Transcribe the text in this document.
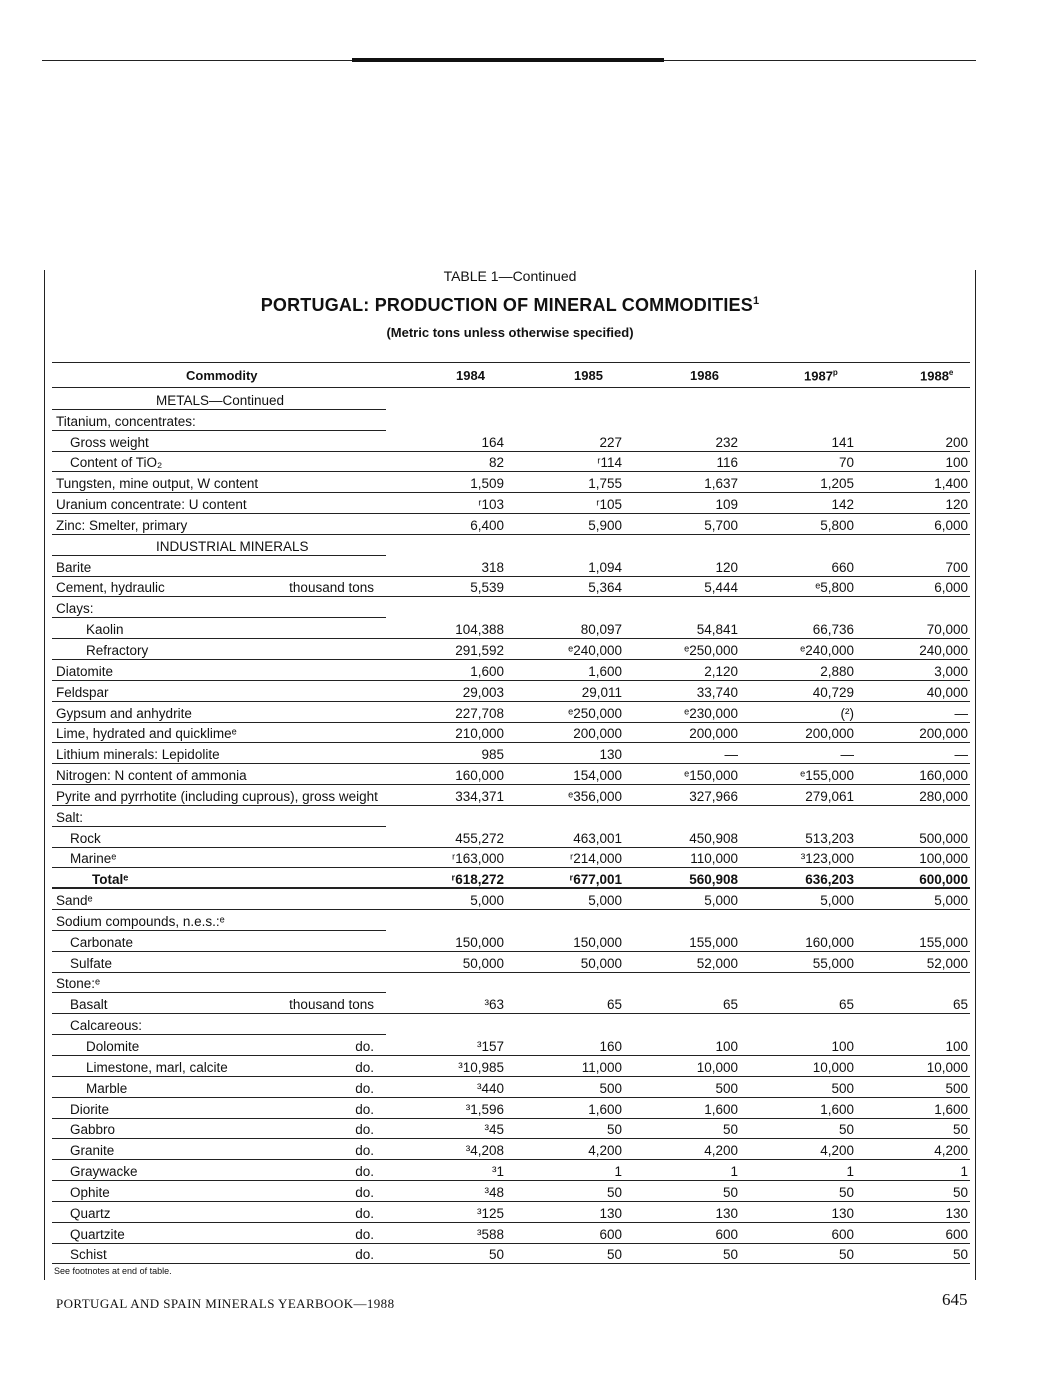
TABLE 1—Continued
PORTUGAL: PRODUCTION OF MINERAL COMMODITIES$^1$
(Metric tons unless otherwise specified)
Commodity	1984	1985	1986	1987$^p$	1988e
METALS—Continued
Titanium, concentrates:
Gross weight	164	227	232	141	200
Content of TiO₂	82	ʳ114	116	70	100
Tungsten, mine output, W content	1,509	1,755	1,637	1,205	1,400
Uranium concentrate: U content	ʳ103	ʳ105	109	142	120
Zinc: Smelter, primary	6,400	5,900	5,700	5,800	6,000
INDUSTRIAL MINERALS
Barite	318	1,094	120	660	700
Cement, hydraulic	thousand tons	5,539	5,364	5,444	ᵉ5,800	6,000
Clays:
Kaolin	104,388	80,097	54,841	66,736	70,000
Refractory	291,592	ᵉ240,000	ᵉ250,000	ᵉ240,000	240,000
Diatomite	1,600	1,600	2,120	2,880	3,000
Feldspar	29,003	29,011	33,740	40,729	40,000
Gypsum and anhydrite	227,708	ᵉ250,000	ᵉ230,000	(²)	—
Lime, hydrated and quicklimeᵉ	210,000	200,000	200,000	200,000	200,000
Lithium minerals: Lepidolite	985	130	—	—	—
Nitrogen: N content of ammonia	160,000	154,000	ᵉ150,000	ᵉ155,000	160,000
Pyrite and pyrrhotite (including cuprous), gross weight	334,371	ᵉ356,000	327,966	279,061	280,000
Salt:
Rock	455,272	463,001	450,908	513,203	500,000
Marineᵉ	ʳ163,000	ʳ214,000	110,000	³123,000	100,000
Totalᵉ	ʳ618,272	ʳ677,001	560,908	636,203	600,000
Sandᵉ	5,000	5,000	5,000	5,000	5,000
Sodium compounds, n.e.s.:ᵉ
Carbonate	150,000	150,000	155,000	160,000	155,000
Sulfate	50,000	50,000	52,000	55,000	52,000
Stone:ᵉ
Basalt	thousand tons	³63	65	65	65	65
Calcareous:
Dolomite	do.	³157	160	100	100	100
Limestone, marl, calcite	do.	³10,985	11,000	10,000	10,000	10,000
Marble	do.	³440	500	500	500	500
Diorite	do.	³1,596	1,600	1,600	1,600	1,600
Gabbro	do.	³45	50	50	50	50
Granite	do.	³4,208	4,200	4,200	4,200	4,200
Graywacke	do.	³1	1	1	1	1
Ophite	do.	³48	50	50	50	50
Quartz	do.	³125	130	130	130	130
Quartzite	do.	³588	600	600	600	600
Schist	do.	50	50	50	50	50
See footnotes at end of table.
PORTUGAL AND SPAIN MINERALS YEARBOOK—1988	645
